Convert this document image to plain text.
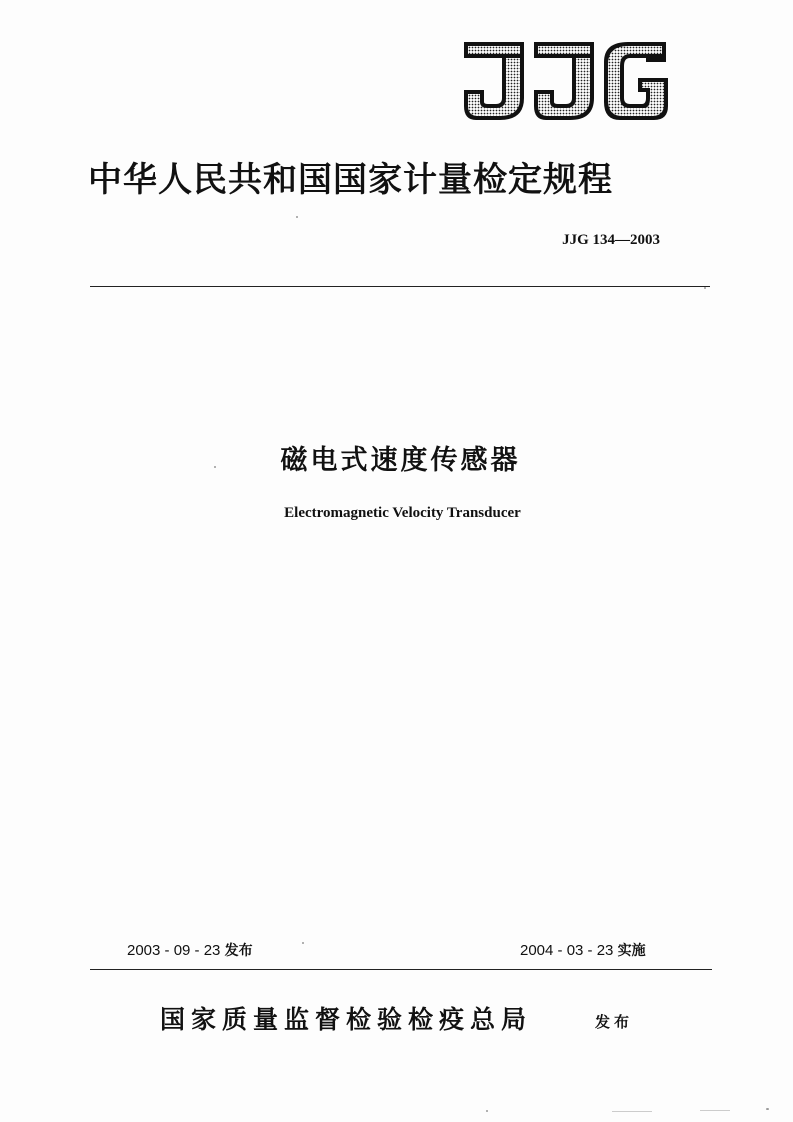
中华人民共和国国家计量检定规程
JJG 134—2003
磁电式速度传感器
Electromagnetic Velocity Transducer
2003 - 09 - 23 发布	2004 - 03 - 23 实施
国家质量监督检验检疫总局	发布
